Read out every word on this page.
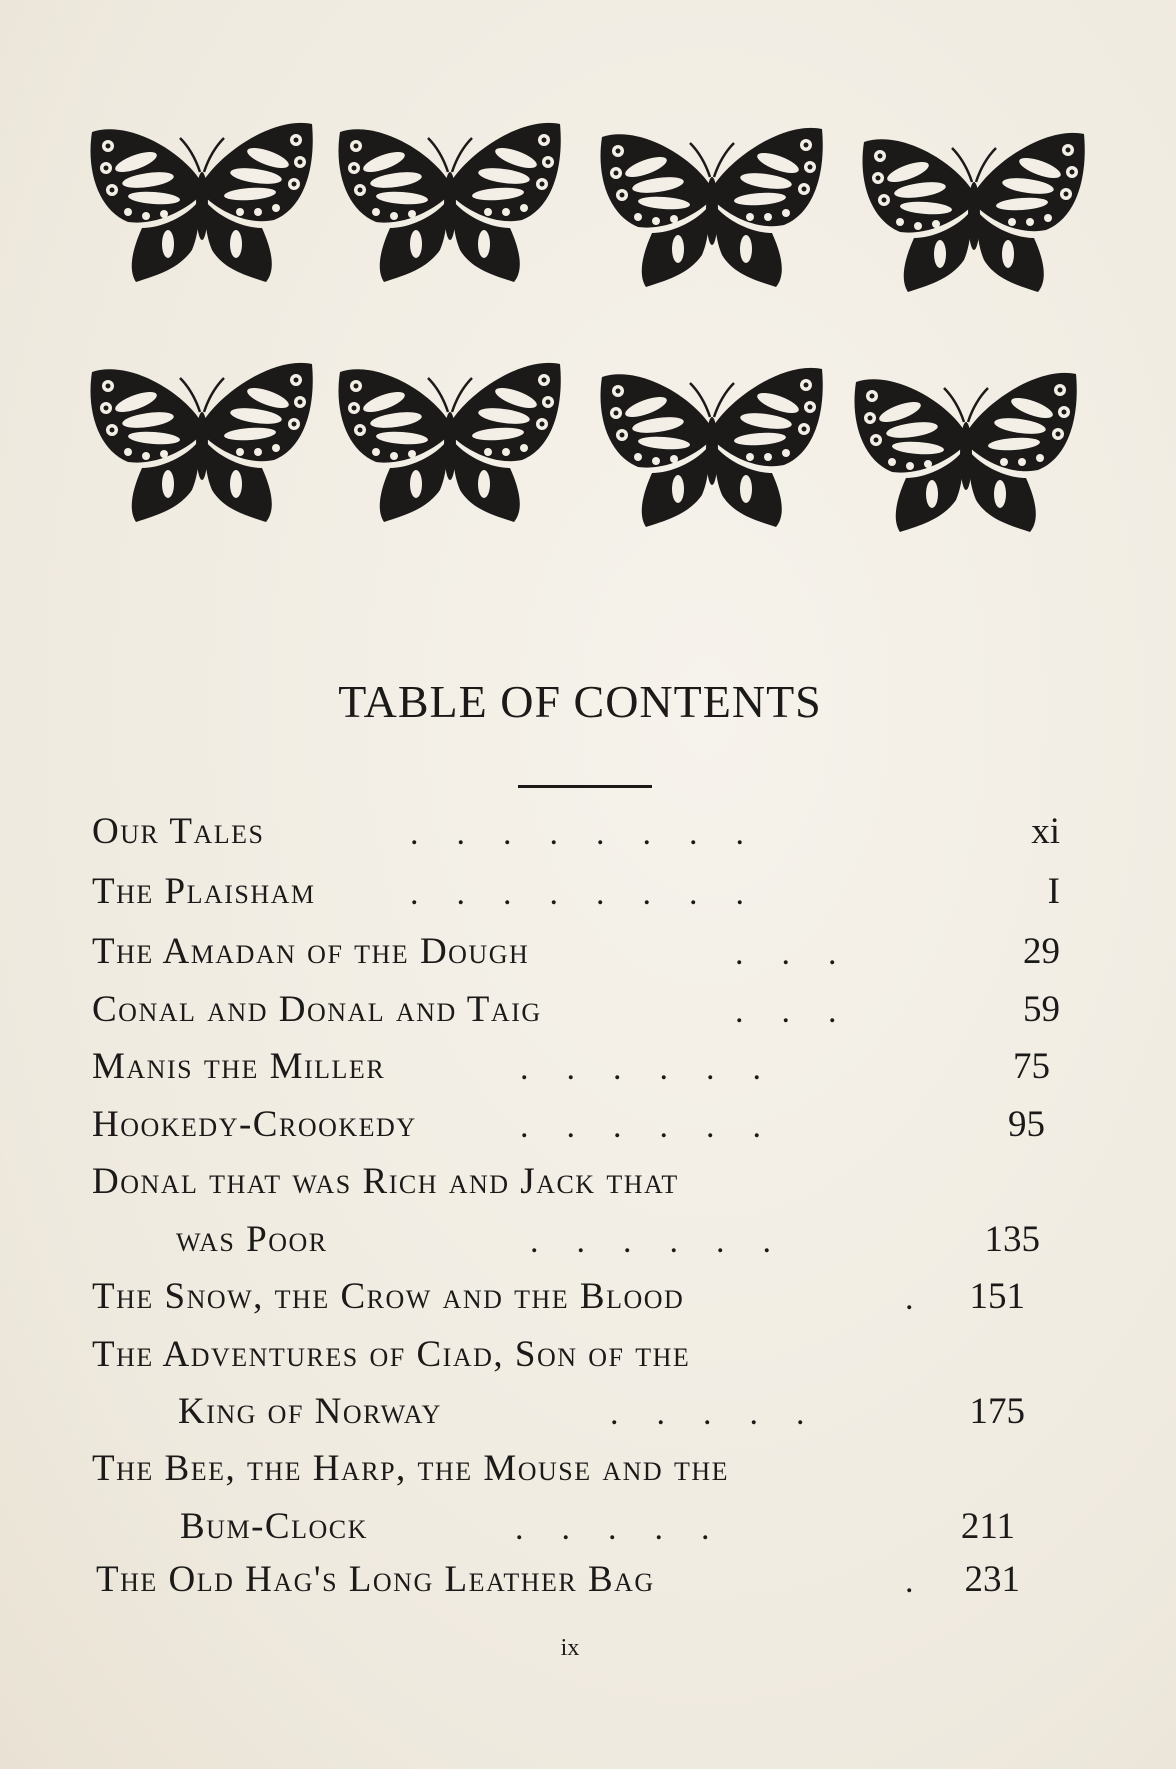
TABLE OF CONTENTS
Our Tales	........	xi
The Plaisham	........	I
The Amadan of the Dough	...	29
Conal and Donal and Taig	...	59
Manis the Miller	......	75
Hookedy-Crookedy	......	95
Donal that was Rich and Jack that
was Poor	......	135
The Snow, the Crow and the Blood	. 151
The Adventures of Ciad, Son of the
King of Norway	.....	175
The Bee, the Harp, the Mouse and the
Bum-Clock	.....	211
The Old Hag's Long Leather Bag	. 231
ix
